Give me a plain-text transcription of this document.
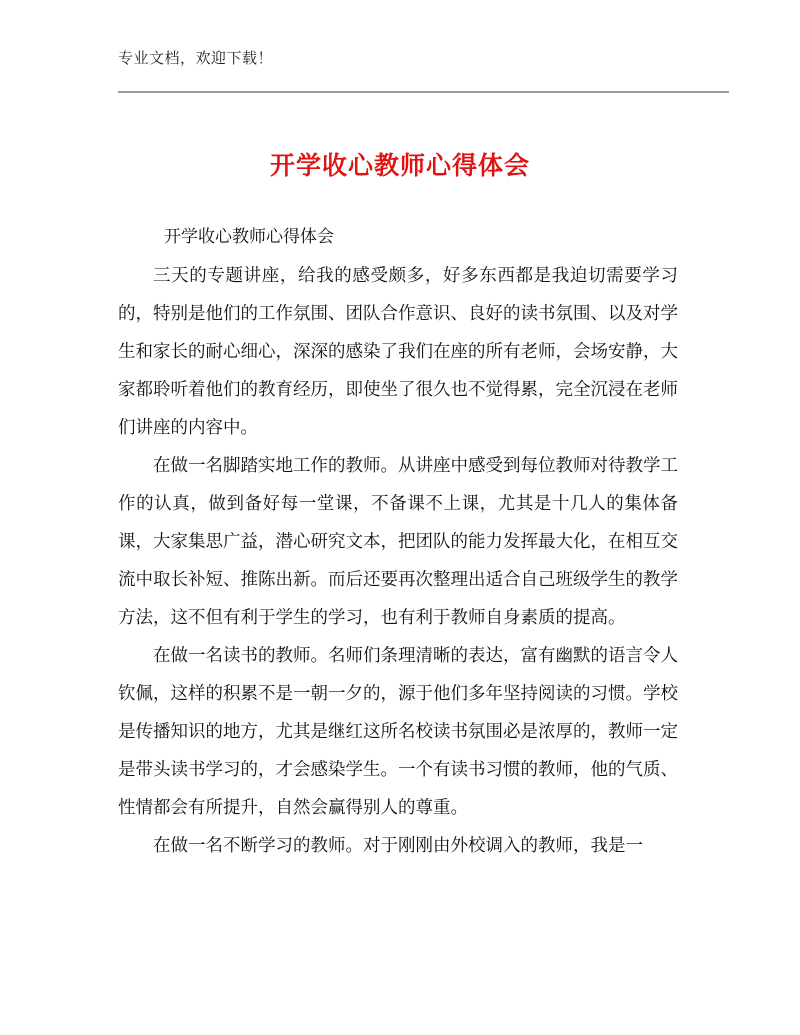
专业文档，欢迎下载！
开学收心教师心得体会
开学收心教师心得体会

三天的专题讲座，给我的感受颇多，好多东西都是我迫切需要学习的，特别是他们的工作氛围、团队合作意识、良好的读书氛围、以及对学生和家长的耐心细心，深深的感染了我们在座的所有老师，会场安静，大家都聆听着他们的教育经历，即使坐了很久也不觉得累，完全沉浸在老师们讲座的内容中。

在做一名脚踏实地工作的教师。从讲座中感受到每位教师对待教学工作的认真，做到备好每一堂课，不备课不上课，尤其是十几人的集体备课，大家集思广益，潜心研究文本，把团队的能力发挥最大化，在相互交流中取长补短、推陈出新。而后还要再次整理出适合自己班级学生的教学方法，这不但有利于学生的学习，也有利于教师自身素质的提高。

在做一名读书的教师。名师们条理清晰的表达，富有幽默的语言令人钦佩，这样的积累不是一朝一夕的，源于他们多年坚持阅读的习惯。学校是传播知识的地方，尤其是继红这所名校读书氛围必是浓厚的，教师一定是带头读书学习的，才会感染学生。一个有读书习惯的教师，他的气质、性情都会有所提升，自然会赢得别人的尊重。

在做一名不断学习的教师。对于刚刚由外校调入的教师，我是一
